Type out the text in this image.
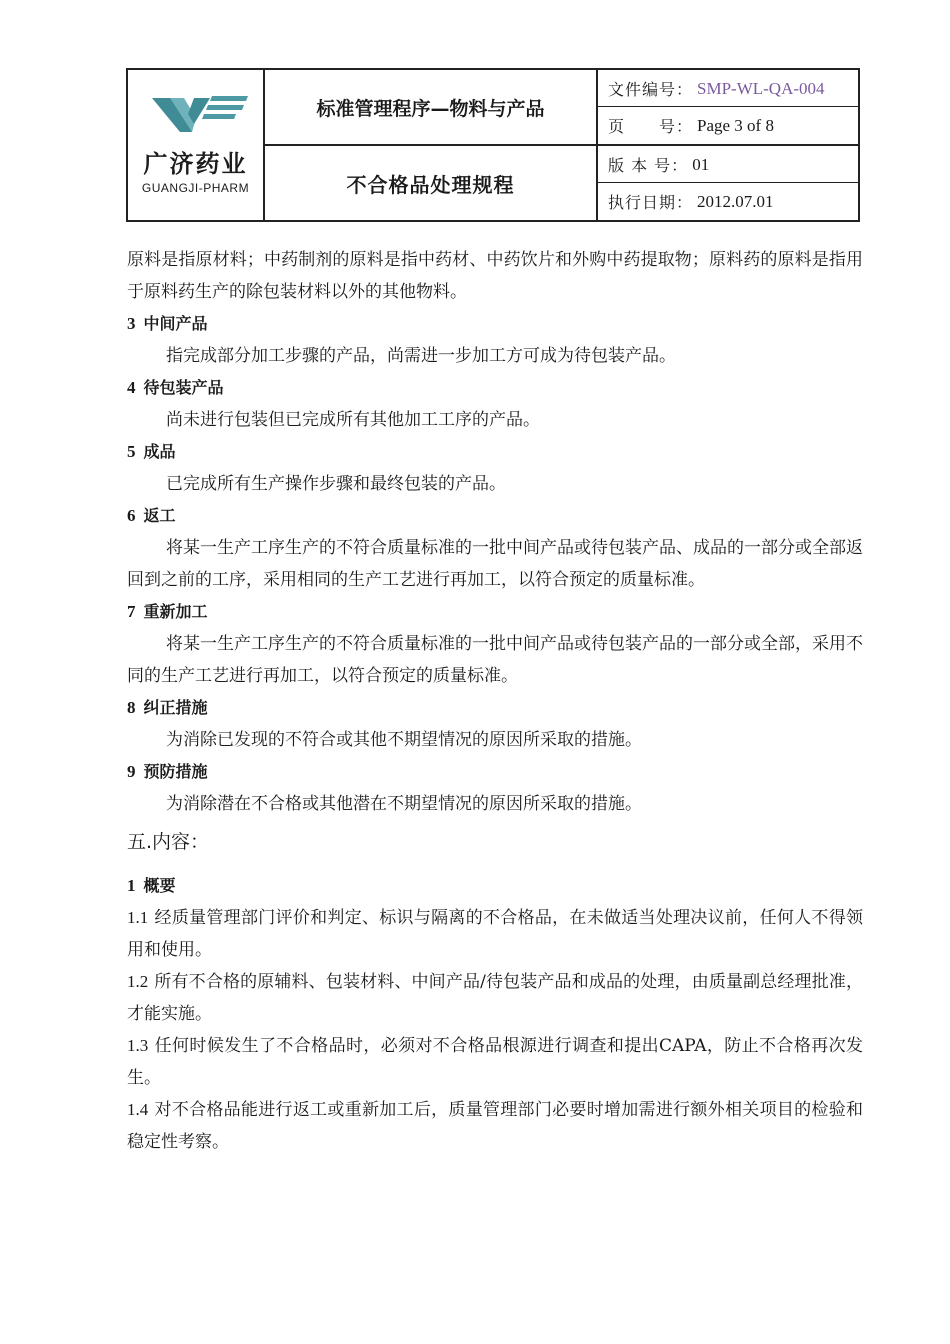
广济药业
GUANGJI-PHARM
标准管理程序—物料与产品
不合格品处理规程
文件编号： SMP-WL-QA-004
页　　号： Page 3 of 8
版 本 号： 01
执行日期： 2012.07.01

原料是指原材料；中药制剂的原料是指中药材、中药饮片和外购中药提取物；原料药的原料是指用于原料药生产的除包装材料以外的其他物料。

3 中间产品

指完成部分加工步骤的产品，尚需进一步加工方可成为待包装产品。

4 待包装产品

尚未进行包装但已完成所有其他加工工序的产品。

5 成品

已完成所有生产操作步骤和最终包装的产品。

6 返工

将某一生产工序生产的不符合质量标准的一批中间产品或待包装产品、成品的一部分或全部返回到之前的工序，采用相同的生产工艺进行再加工，以符合预定的质量标准。

7 重新加工

将某一生产工序生产的不符合质量标准的一批中间产品或待包装产品的一部分或全部，采用不同的生产工艺进行再加工，以符合预定的质量标准。

8 纠正措施

为消除已发现的不符合或其他不期望情况的原因所采取的措施。

9 预防措施

为消除潜在不合格或其他潜在不期望情况的原因所采取的措施。

五.内容：

1 概要

1.1 经质量管理部门评价和判定、标识与隔离的不合格品，在未做适当处理决议前，任何人不得领用和使用。

1.2 所有不合格的原辅料、包装材料、中间产品/待包装产品和成品的处理，由质量副总经理批准，才能实施。

1.3 任何时候发生了不合格品时，必须对不合格品根源进行调查和提出CAPA，防止不合格再次发生。

1.4 对不合格品能进行返工或重新加工后，质量管理部门必要时增加需进行额外相关项目的检验和稳定性考察。
